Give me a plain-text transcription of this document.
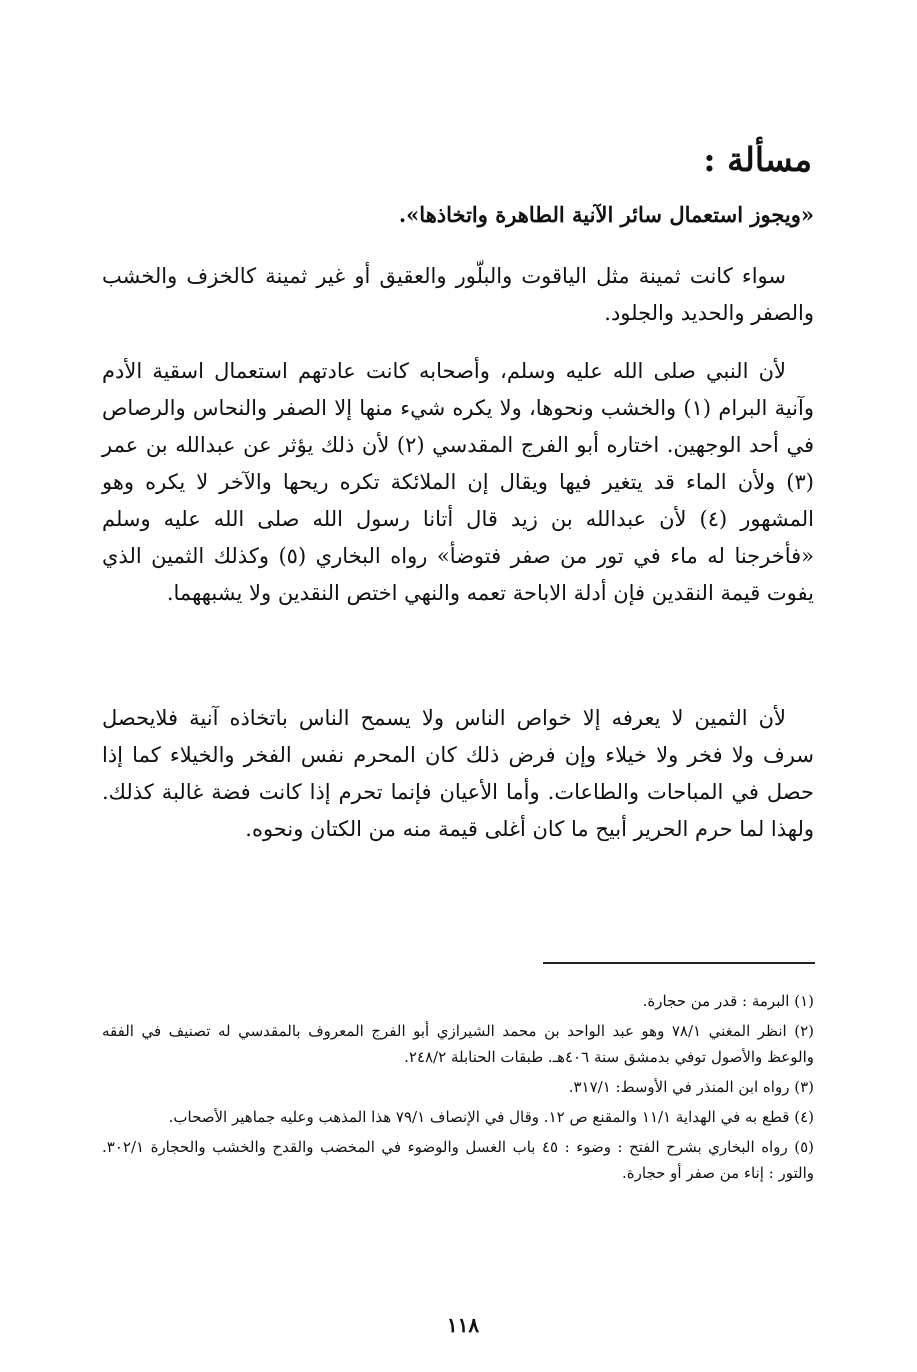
مسألة :

«ويجوز استعمال سائر الآنية الطاهرة واتخاذها».

سواء كانت ثمينة مثل الياقوت والبلّور والعقيق أو غير ثمينة كالخزف والخشب والصفر والحديد والجلود.

لأن النبي صلى الله عليه وسلم، وأصحابه كانت عادتهم استعمال اسقية الأدم وآنية البرام (١) والخشب ونحوها، ولا يكره شيء منها إلا الصفر والنحاس والرصاص في أحد الوجهين. اختاره أبو الفرج المقدسي (٢) لأن ذلك يؤثر عن عبدالله بن عمر (٣) ولأن الماء قد يتغير فيها ويقال إن الملائكة تكره ريحها والآخر لا يكره وهو المشهور (٤) لأن عبدالله بن زيد قال أتانا رسول الله صلى الله عليه وسلم «فأخرجنا له ماء في تور من صفر فتوضأ» رواه البخاري (٥) وكذلك الثمين الذي يفوت قيمة النقدين فإن أدلة الاباحة تعمه والنهي اختص النقدين ولا يشبههما.

لأن الثمين لا يعرفه إلا خواص الناس ولا يسمح الناس باتخاذه آنية فلايحصل سرف ولا فخر ولا خيلاء وإن فرض ذلك كان المحرم نفس الفخر والخيلاء كما إذا حصل في المباحات والطاعات. وأما الأعيان فإنما تحرم إذا كانت فضة غالبة كذلك. ولهذا لما حرم الحرير أبيح ما كان أغلى قيمة منه من الكتان ونحوه.

(١) البرمة : قدر من حجارة.
(٢) انظر المغني ٧٨/١ وهو عبد الواحد بن محمد الشيرازي أبو الفرج المعروف بالمقدسي له تصنيف في الفقه والوعظ والأصول توفي بدمشق سنة ٤٠٦هـ. طبقات الحنابلة ٢٤٨/٢.
(٣) رواه ابن المنذر في الأوسط: ٣١٧/١.
(٤) قطع به في الهداية ١١/١ والمقنع ص ١٢. وقال في الإنصاف ٧٩/١ هذا المذهب وعليه جماهير الأصحاب.
(٥) رواه البخاري بشرح الفتح : وضوء : ٤٥ باب الغسل والوضوء في المخضب والقدح والخشب والحجارة ٣٠٢/١. والتور : إناء من صفر أو حجارة.
١١٨
